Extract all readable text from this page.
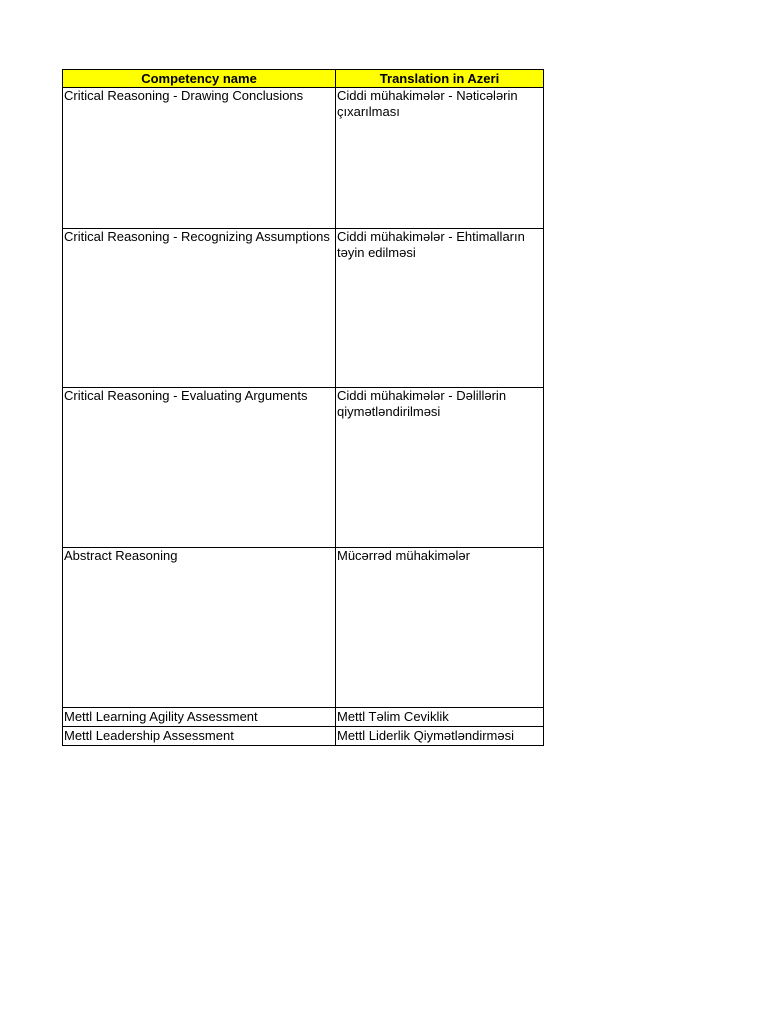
Competency name	Translation in Azeri
Critical Reasoning - Drawing Conclusions	Ciddi mühakimələr - Nəticələrin çıxarılması
Critical Reasoning - Recognizing Assumptions	Ciddi mühakimələr - Ehtimalların təyin edilməsi
Critical Reasoning - Evaluating Arguments	Ciddi mühakimələr - Dəlillərin qiymətləndirilməsi
Abstract Reasoning	Mücərrəd mühakimələr
Mettl Learning Agility Assessment	Mettl Təlim Ceviklik
Mettl Leadership Assessment	Mettl Liderlik Qiymətləndirməsi
